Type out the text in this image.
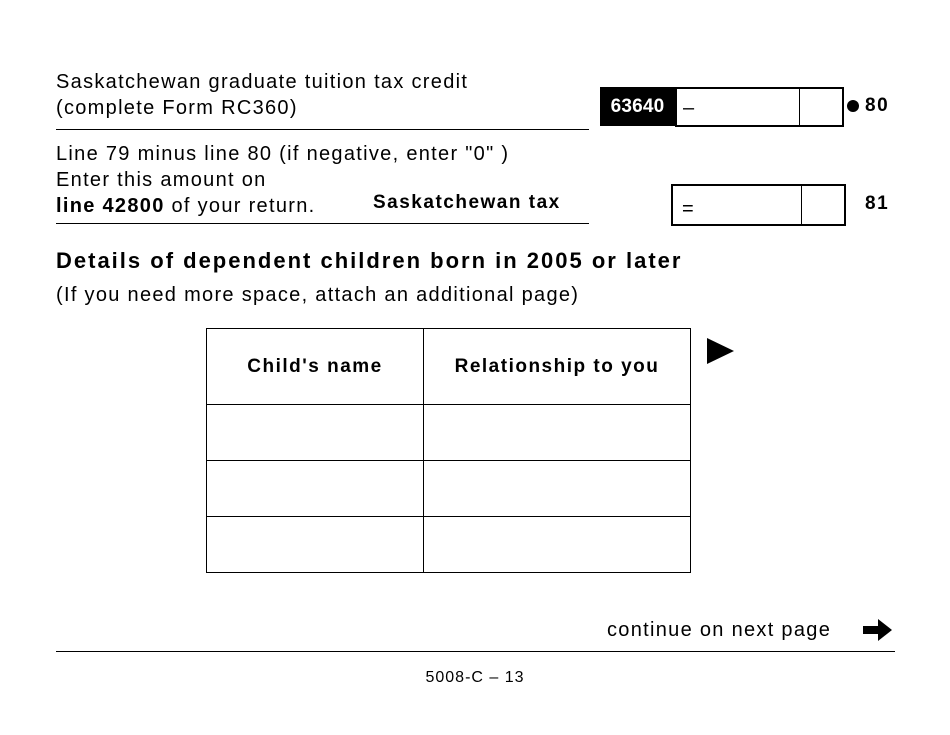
Saskatchewan graduate tuition tax credit
(complete Form RC360)	63640 –	80
Line 79 minus line 80 (if negative, enter "0" )
Enter this amount on
line 42800 of your return.	Saskatchewan tax	=	81
Details of dependent children born in 2005 or later
(If you need more space, attach an additional page)
Child's name	Relationship to you

continue on next page
5008-C – 13
